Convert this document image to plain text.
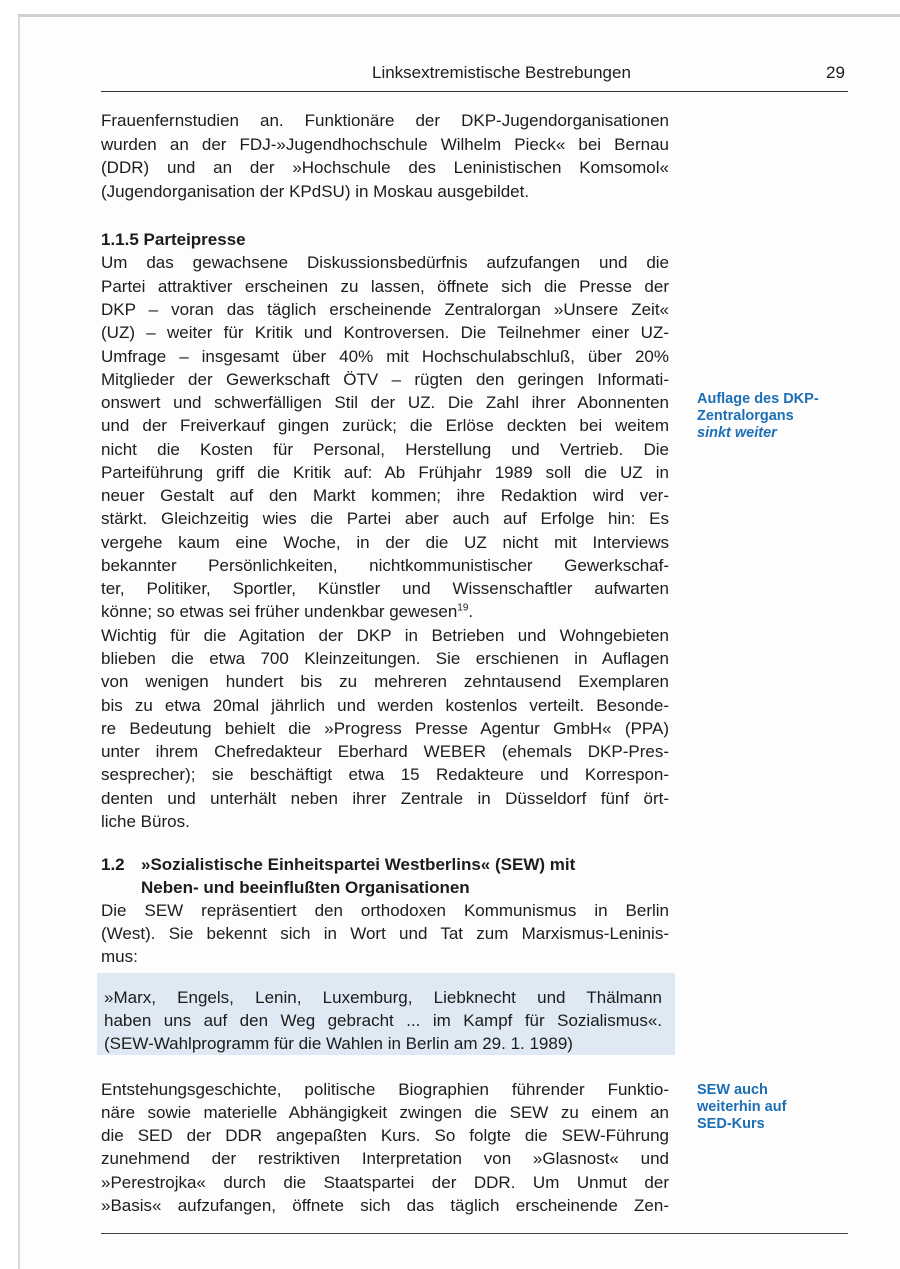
Linksextremistische Bestrebungen	29
Frauenfernstudien an. Funktionäre der DKP-Jugendorganisationen
wurden an der FDJ-»Jugendhochschule Wilhelm Pieck« bei Bernau
(DDR) und an der »Hochschule des Leninistischen Komsomol«
(Jugendorganisation der KPdSU) in Moskau ausgebildet.
1.1.5 Parteipresse
Um das gewachsene Diskussionsbedürfnis aufzufangen und die
Partei attraktiver erscheinen zu lassen, öffnete sich die Presse der
DKP – voran das täglich erscheinende Zentralorgan »Unsere Zeit«
(UZ) – weiter für Kritik und Kontroversen. Die Teilnehmer einer UZ-
Umfrage – insgesamt über 40% mit Hochschulabschluß, über 20%
Mitglieder der Gewerkschaft ÖTV – rügten den geringen Informati-
onswert und schwerfälligen Stil der UZ. Die Zahl ihrer Abonnenten
und der Freiverkauf gingen zurück; die Erlöse deckten bei weitem
nicht die Kosten für Personal, Herstellung und Vertrieb. Die
Parteiführung griff die Kritik auf: Ab Frühjahr 1989 soll die UZ in
neuer Gestalt auf den Markt kommen; ihre Redaktion wird ver-
stärkt. Gleichzeitig wies die Partei aber auch auf Erfolge hin: Es
vergehe kaum eine Woche, in der die UZ nicht mit Interviews
bekannter Persönlichkeiten, nichtkommunistischer Gewerkschaf-
ter, Politiker, Sportler, Künstler und Wissenschaftler aufwarten
könne; so etwas sei früher undenkbar gewesen$^{19}$.
Wichtig für die Agitation der DKP in Betrieben und Wohngebieten
blieben die etwa 700 Kleinzeitungen. Sie erschienen in Auflagen
von wenigen hundert bis zu mehreren zehntausend Exemplaren
bis zu etwa 20mal jährlich und werden kostenlos verteilt. Besonde-
re Bedeutung behielt die »Progress Presse Agentur GmbH« (PPA)
unter ihrem Chefredakteur Eberhard WEBER (ehemals DKP-Pres-
sesprecher); sie beschäftigt etwa 15 Redakteure und Korrespon-
denten und unterhält neben ihrer Zentrale in Düsseldorf fünf ört-
liche Büros.
1.2 »Sozialistische Einheitspartei Westberlins« (SEW) mit
Neben- und beeinflußten Organisationen
Die SEW repräsentiert den orthodoxen Kommunismus in Berlin
(West). Sie bekennt sich in Wort und Tat zum Marxismus-Leninis-
mus:
»Marx, Engels, Lenin, Luxemburg, Liebknecht und Thälmann
haben uns auf den Weg gebracht ... im Kampf für Sozialismus«.
(SEW-Wahlprogramm für die Wahlen in Berlin am 29. 1. 1989)
Entstehungsgeschichte, politische Biographien führender Funktio-
näre sowie materielle Abhängigkeit zwingen die SEW zu einem an
die SED der DDR angepaßten Kurs. So folgte die SEW-Führung
zunehmend der restriktiven Interpretation von »Glasnost« und
»Perestrojka« durch die Staatspartei der DDR. Um Unmut der
»Basis« aufzufangen, öffnete sich das täglich erscheinende Zen-
Auflage des DKP-
Zentralorgans
sinkt weiter
SEW auch
weiterhin auf
SED-Kurs
